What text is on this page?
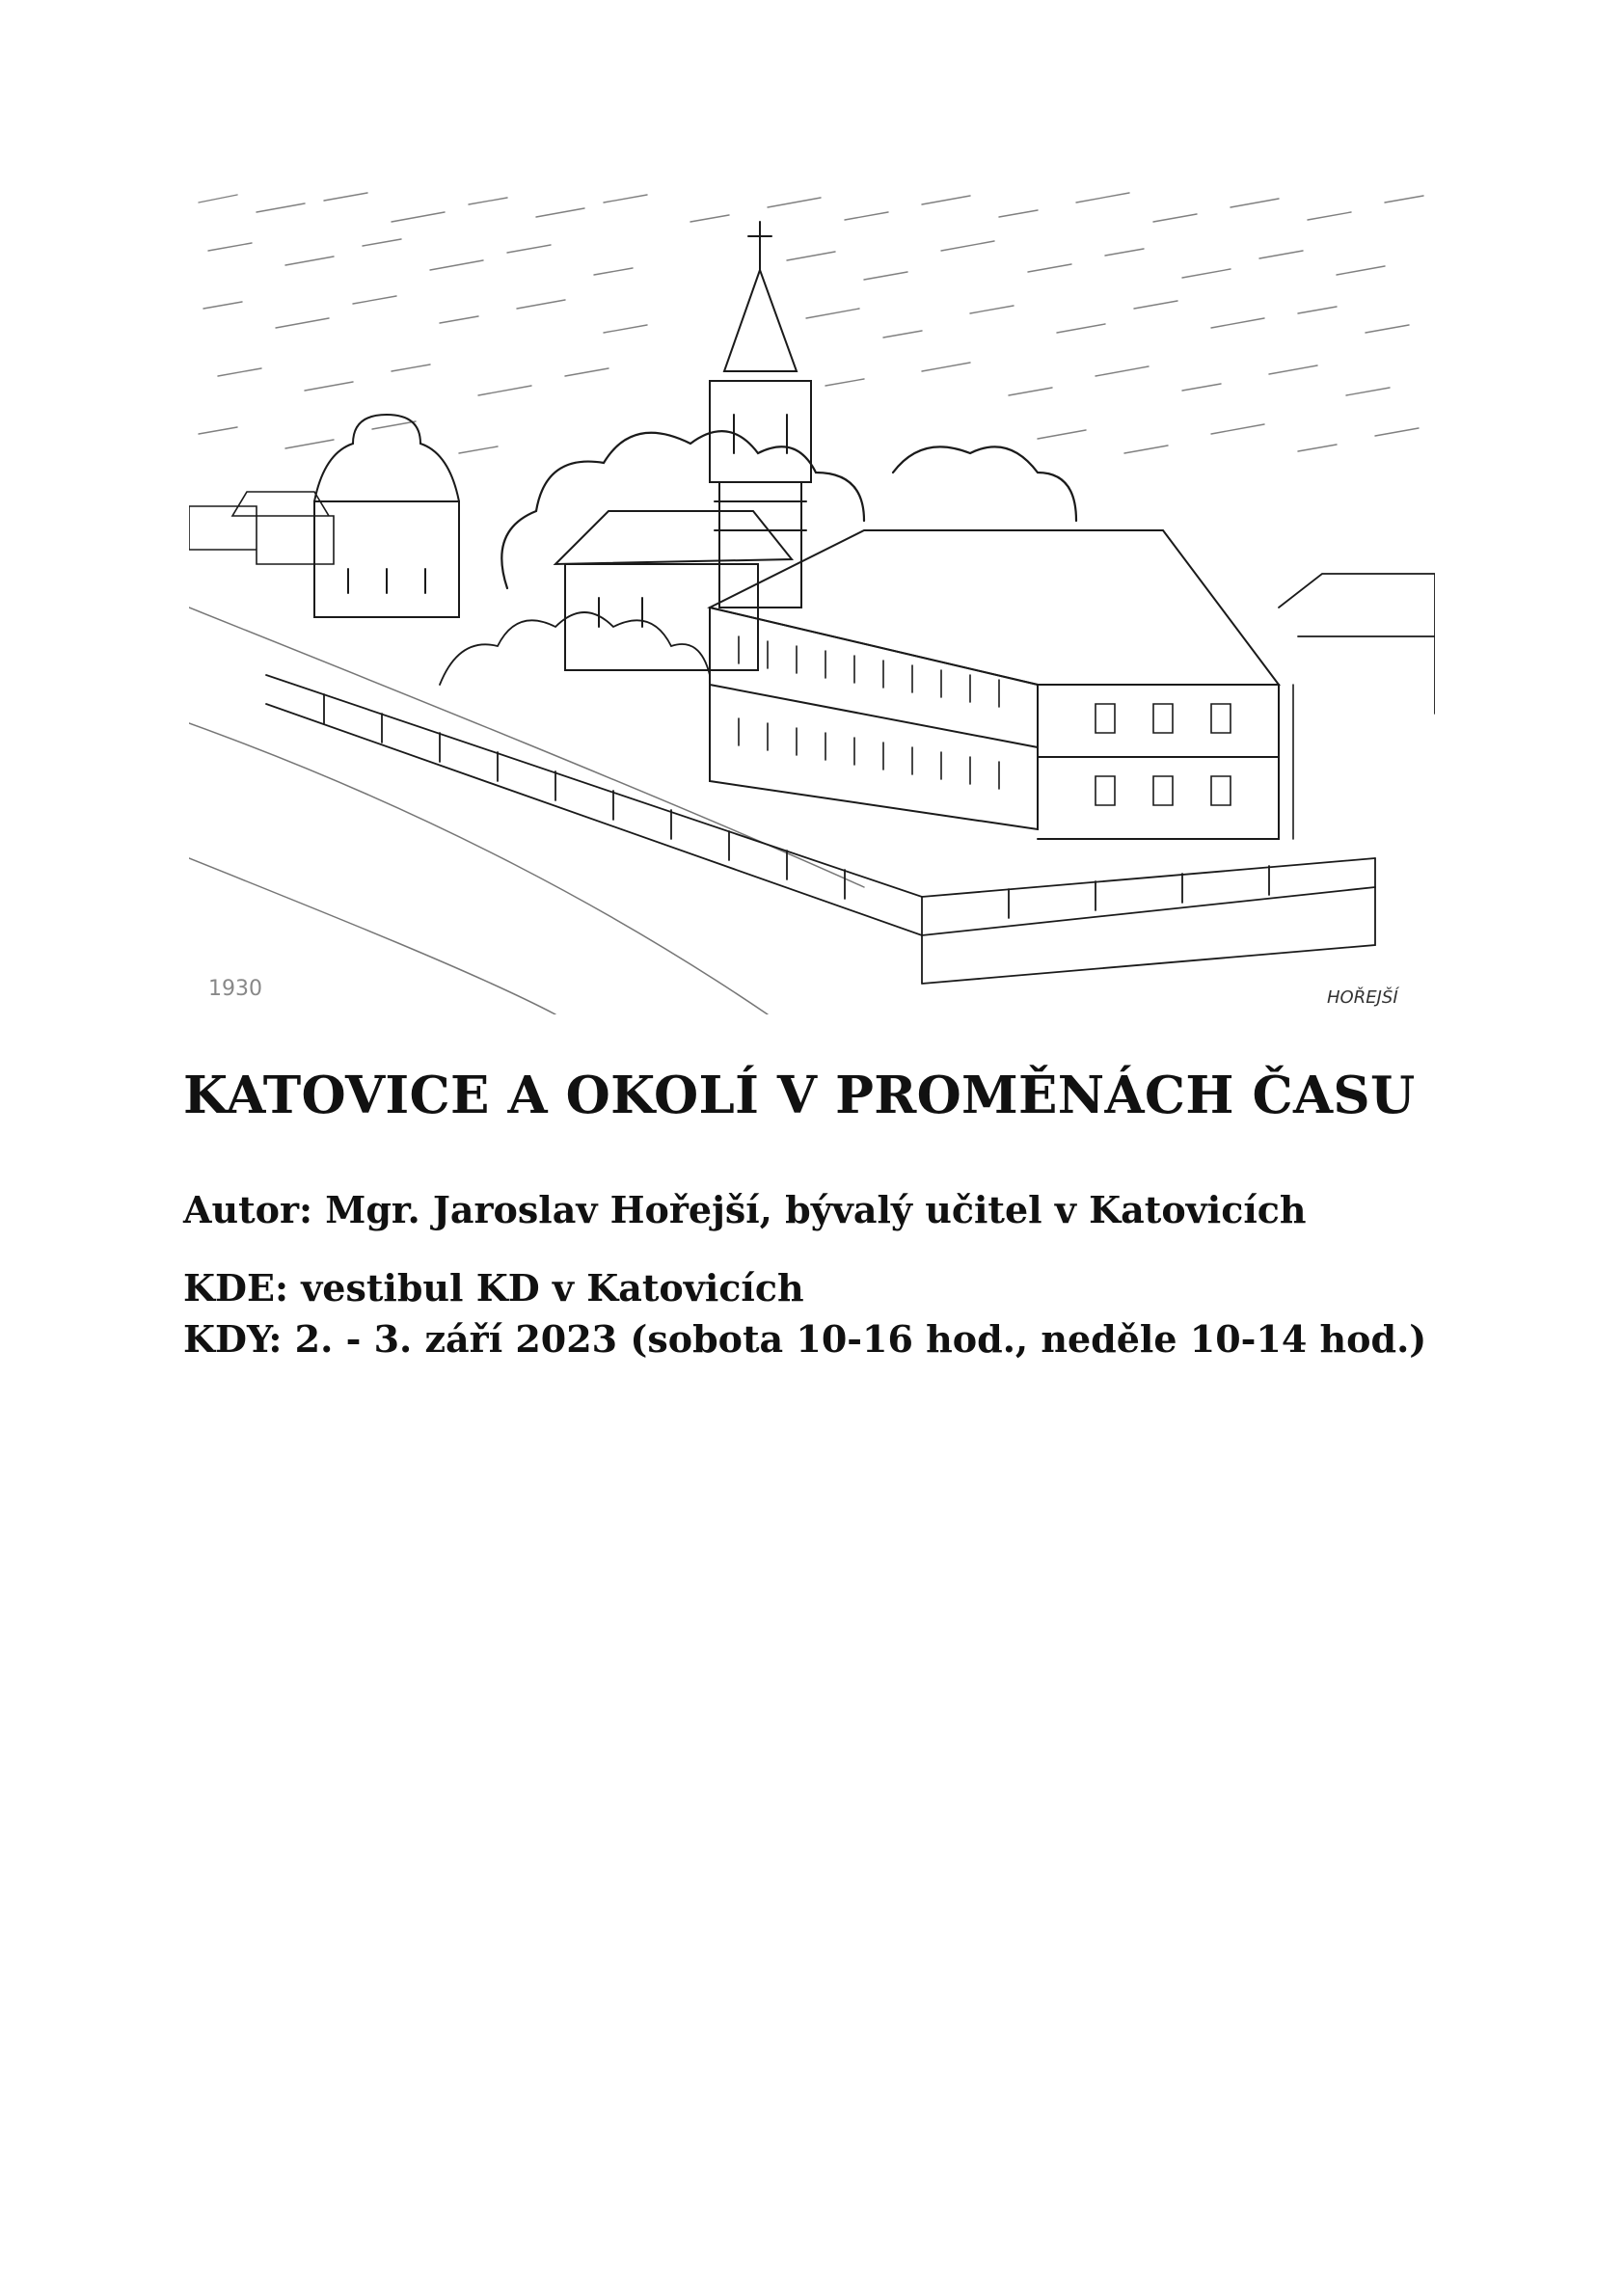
1930	HOŘEJŠÍ
KATOVICE A OKOLÍ V PROMĚNÁCH ČASU
Autor: Mgr. Jaroslav Hořejší, bývalý učitel v Katovicích
KDE: vestibul KD v Katovicích
KDY: 2. - 3. září 2023 (sobota 10-16 hod., neděle 10-14 hod.)
